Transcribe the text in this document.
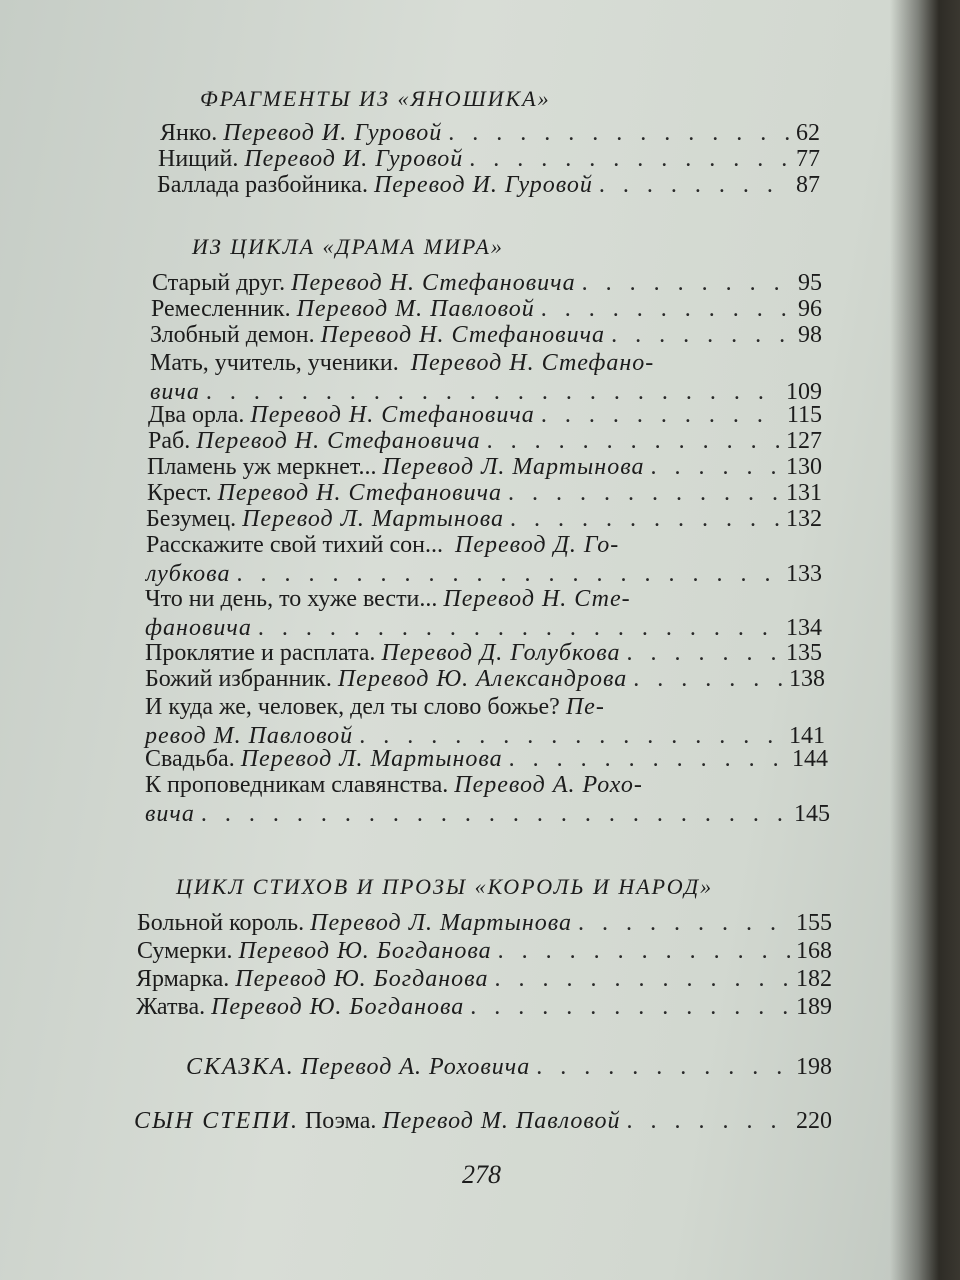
ФРАГМЕНТЫ ИЗ «ЯНОШИКА»
Янко.
Перевод И. Гуровой . . .	62
Нищий.
Перевод И. Гуровой . . .	77
Баллада разбойника.
Перевод И. Гуровой . . .	87
ИЗ ЦИКЛА «ДРАМА МИРА»
Старый друг.
Перевод Н. Стефановича . . .	95
Ремесленник.
Перевод М. Павловой . . .	96
Злобный демон.
Перевод Н. Стефановича . . .	98
Мать, учитель, ученики.
Перевод Н. Стефано-
вича . . .	109
Два орла.
Перевод Н. Стефановича . . .	115
Раб.
Перевод Н. Стефановича . . .	127
Пламень уж меркнет...
Перевод Л. Мартынова . . .	130
Крест.
Перевод Н. Стефановича . . .	131
Безумец.
Перевод Л. Мартынова . . .	132
Расскажите свой тихий сон...
Перевод Д. Го-
лубкова . . .	133
Что ни день, то хуже вести...
Перевод Н. Сте-
фановича . . .	134
Проклятие и расплата.
Перевод Д. Голубкова . . .	135
Божий избранник.
Перевод Ю. Александрова . . .	138
И куда же, человек, дел ты слово божье?
Пе-
ревод М. Павловой . . .	141
Свадьба.
Перевод Л. Мартынова . . .	144
К проповедникам славянства.
Перевод А. Рохо-
вича . . .	145
ЦИКЛ СТИХОВ И ПРОЗЫ «КОРОЛЬ И НАРОД»
Больной король.
Перевод Л. Мартынова . . .	155
Сумерки.
Перевод Ю. Богданова . . .	168
Ярмарка.
Перевод Ю. Богданова . . .	182
Жатва.
Перевод Ю. Богданова . . .	189
СКАЗКА.
Перевод А. Роховича . . .	198
СЫН СТЕПИ.
Поэма.
Перевод М. Павловой . . .	220
278
